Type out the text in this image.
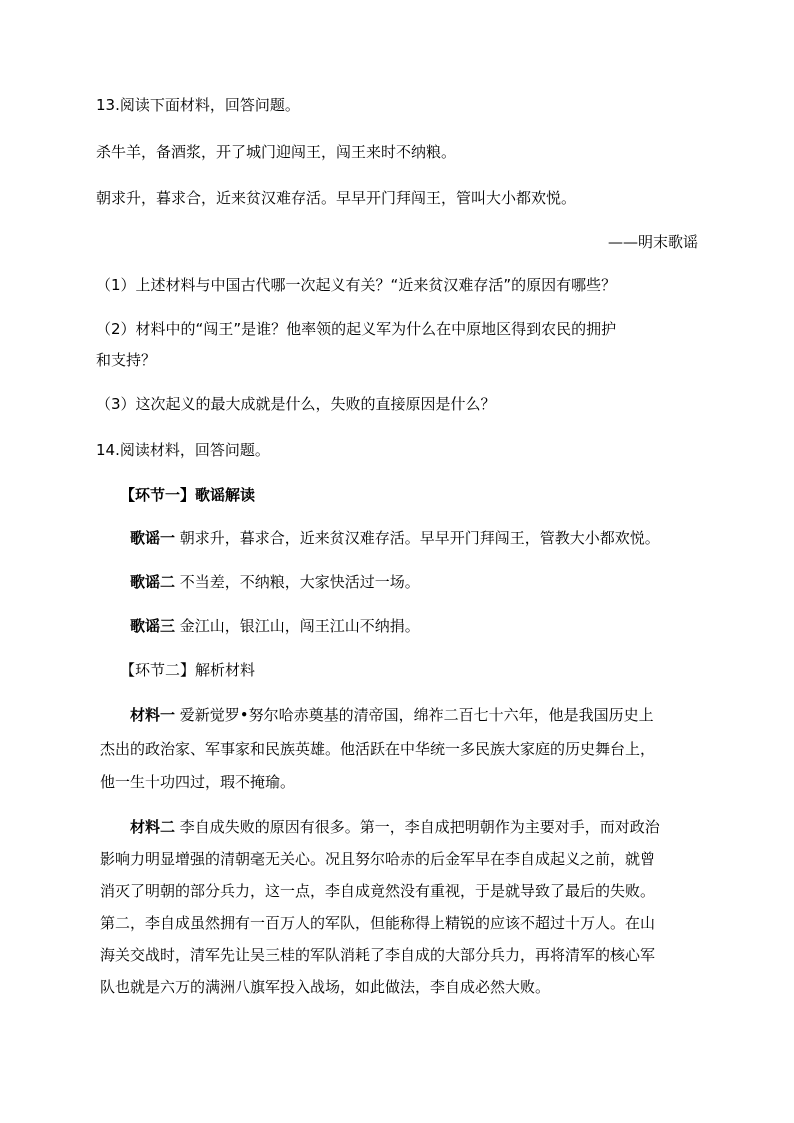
13.阅读下面材料，回答问题。
杀牛羊，备酒浆，开了城门迎闯王，闯王来时不纳粮。
朝求升，暮求合，近来贫汉难存活。早早开门拜闯王，管叫大小都欢悦。
——明末歌谣
（1）上述材料与中国古代哪一次起义有关？“近来贫汉难存活”的原因有哪些？
（2）材料中的“闯王”是谁？他率领的起义军为什么在中原地区得到农民的拥护
和支持？
（3）这次起义的最大成就是什么，失败的直接原因是什么？
14.阅读材料，回答问题。
【环节一】歌谣解读
歌谣一 朝求升，暮求合，近来贫汉难存活。早早开门拜闯王，管教大小都欢悦。
歌谣二 不当差，不纳粮，大家快活过一场。
歌谣三 金江山，银江山，闯王江山不纳捐。
【环节二】解析材料
材料一 爱新觉罗•努尔哈赤奠基的清帝国，绵祚二百七十六年，他是我国历史上
杰出的政治家、军事家和民族英雄。他活跃在中华统一多民族大家庭的历史舞台上，
他一生十功四过，瑕不掩瑜。
材料二 李自成失败的原因有很多。第一，李自成把明朝作为主要对手，而对政治
影响力明显增强的清朝毫无关心。况且努尔哈赤的后金军早在李自成起义之前，就曾
消灭了明朝的部分兵力，这一点，李自成竟然没有重视，于是就导致了最后的失败。
第二，李自成虽然拥有一百万人的军队，但能称得上精锐的应该不超过十万人。在山
海关交战时，清军先让吴三桂的军队消耗了李自成的大部分兵力，再将清军的核心军
队也就是六万的满洲八旗军投入战场，如此做法，李自成必然大败。
